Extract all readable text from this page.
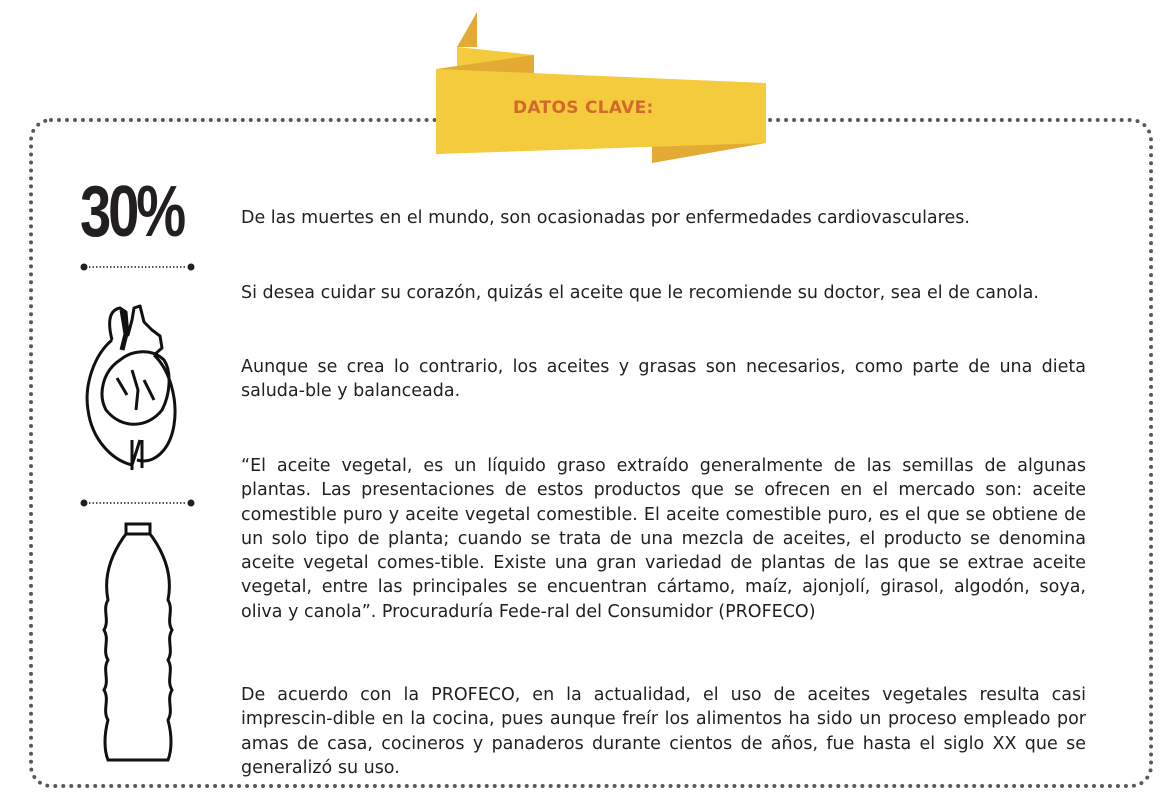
DATOS CLAVE:
30%	De las muertes en el mundo, son ocasionadas por enfermedades cardiovasculares.

Si desea cuidar su corazón, quizás el aceite que le recomiende su doctor, sea el de canola.

Aunque se crea lo contrario, los aceites y grasas son necesarios, como parte de una dieta saluda-ble y balanceada.

“El aceite vegetal, es un líquido graso extraído generalmente de las semillas de algunas plantas. Las presentaciones de estos productos que se ofrecen en el mercado son: aceite comestible puro y aceite vegetal comestible. El aceite comestible puro, es el que se obtiene de un solo tipo de planta; cuando se trata de una mezcla de aceites, el producto se denomina aceite vegetal comes-tible. Existe una gran variedad de plantas de las que se extrae aceite vegetal, entre las principales se encuentran cártamo, maíz, ajonjolí, girasol, algodón, soya, oliva y canola”. Procuraduría Fede-ral del Consumidor (PROFECO)

De acuerdo con la PROFECO, en la actualidad, el uso de aceites vegetales resulta casi imprescin-dible en la cocina, pues aunque freír los alimentos ha sido un proceso empleado por amas de casa, cocineros y panaderos durante cientos de años, fue hasta el siglo XX que se generalizó su uso.
